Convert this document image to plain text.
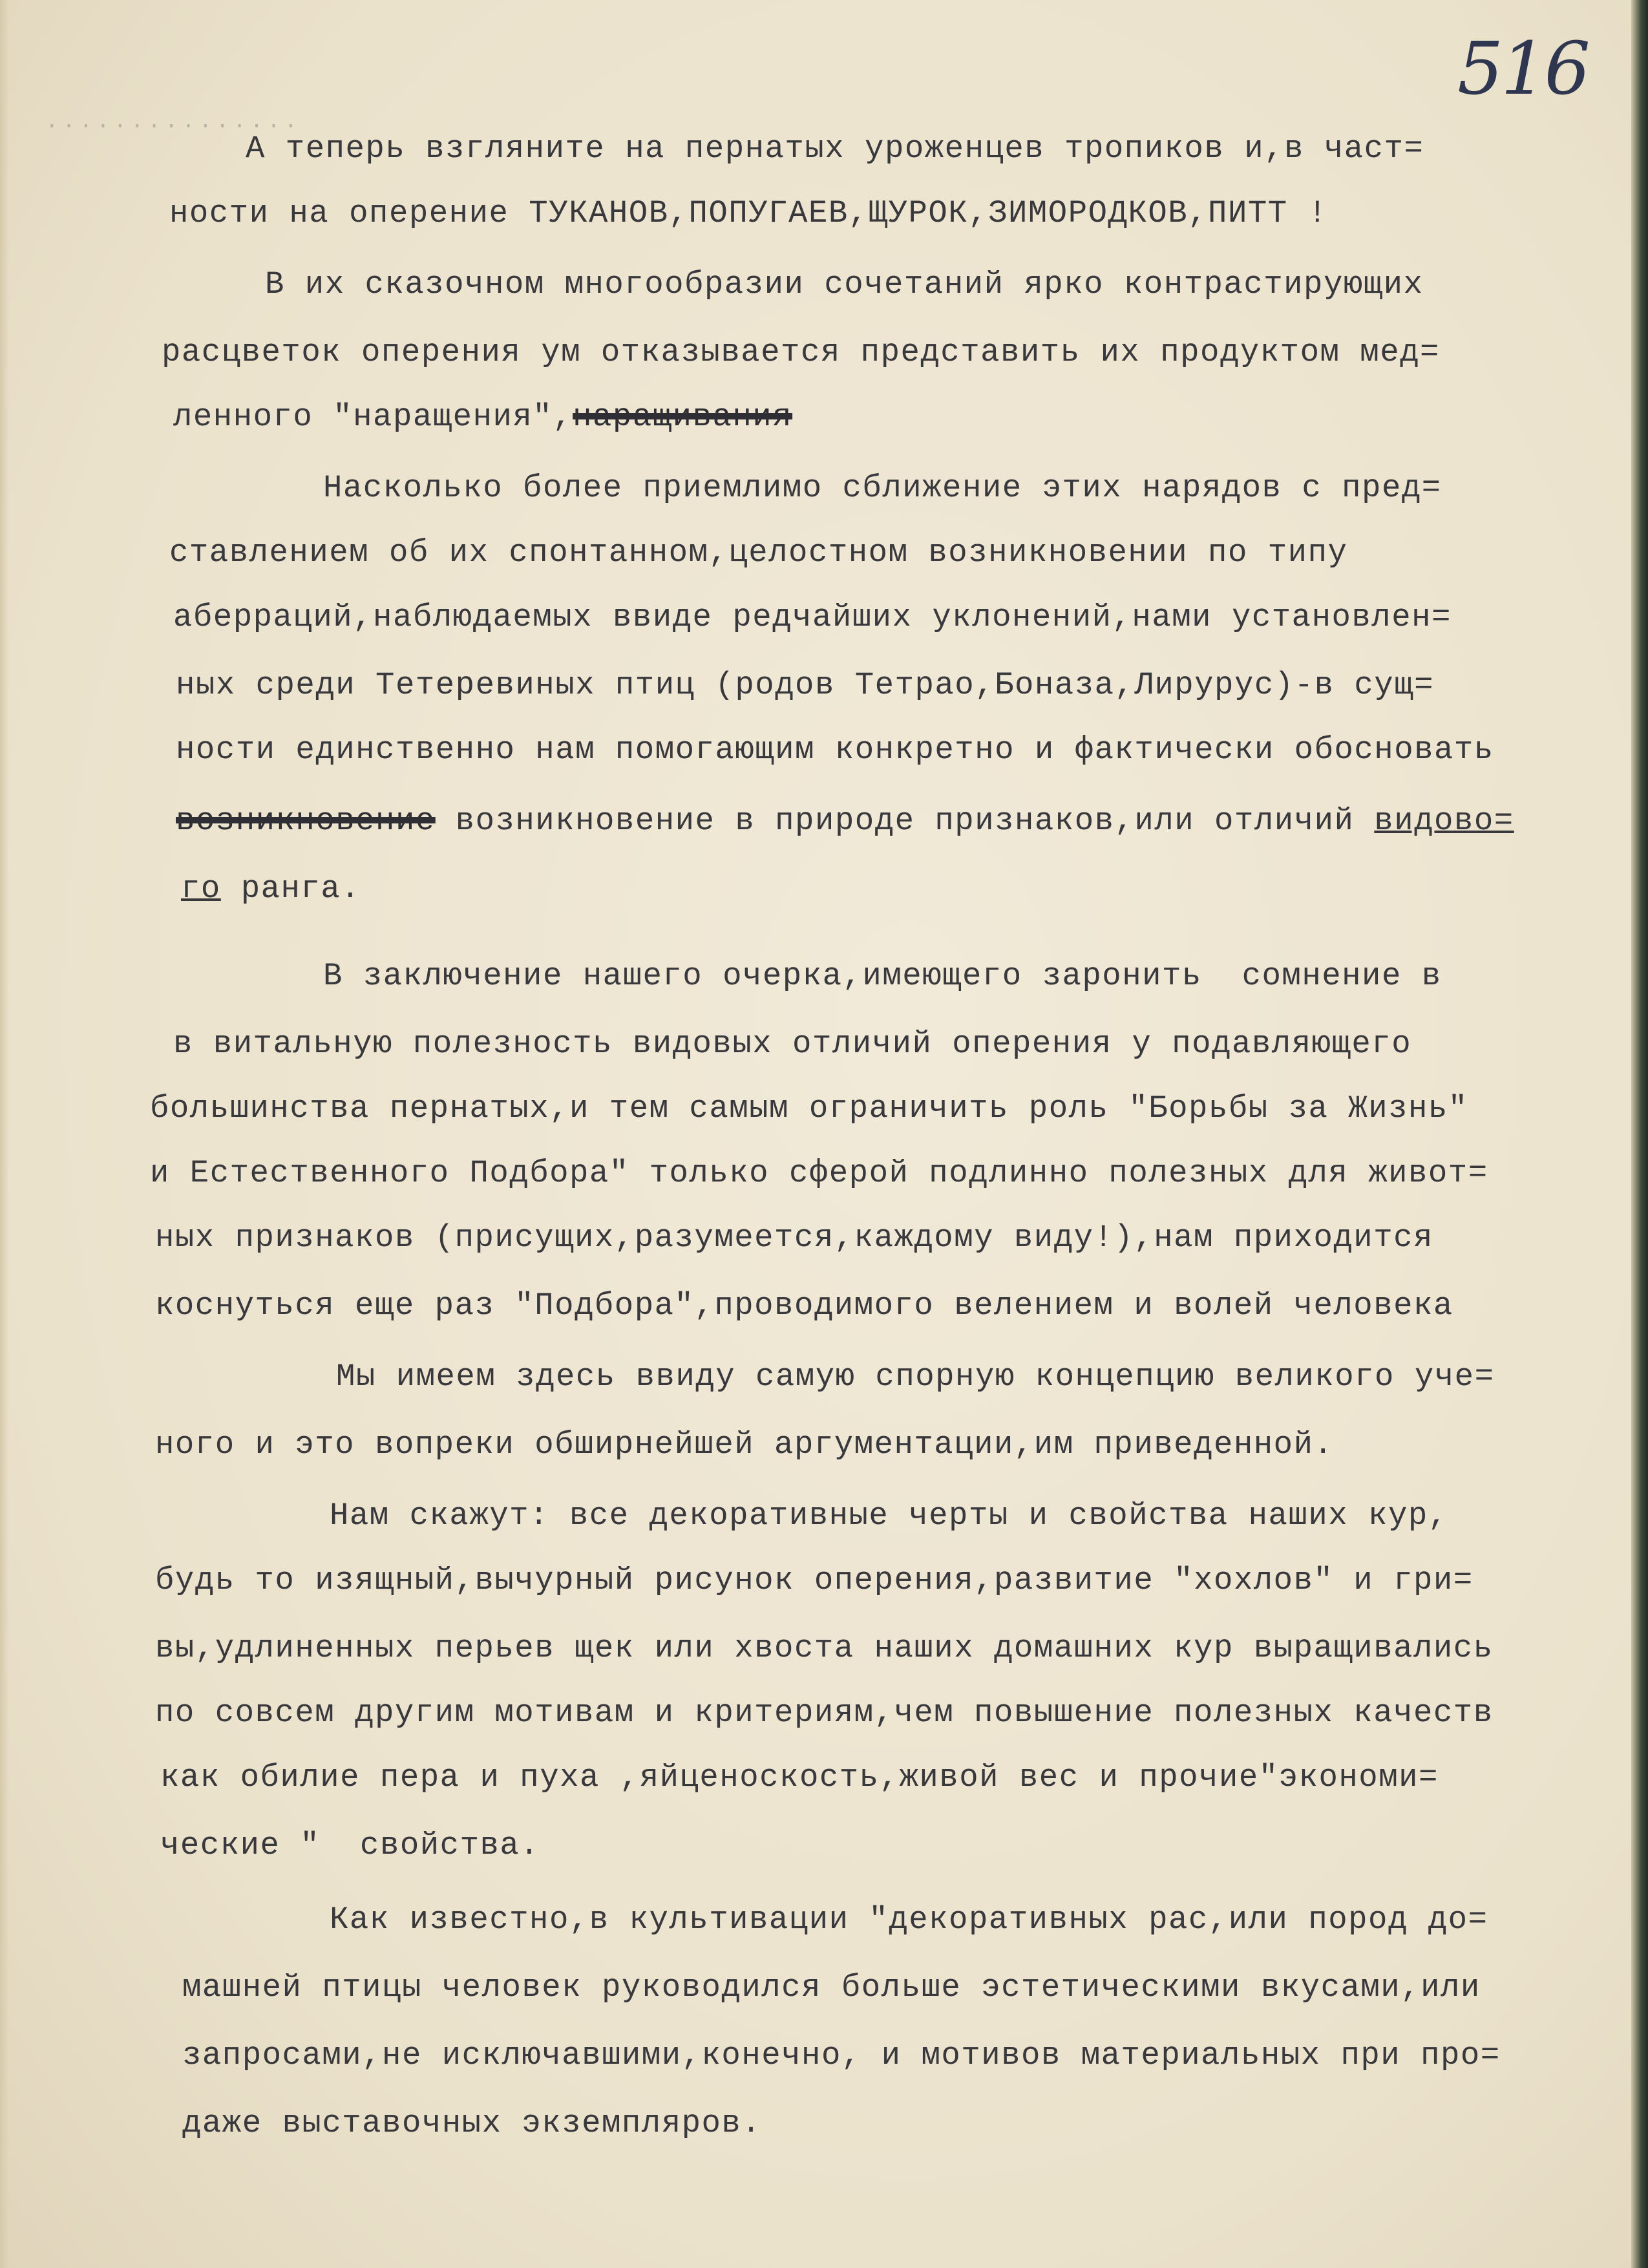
...............

516

А теперь взгляните на пернатых уроженцев тропиков и,в част=

ности на оперение ТУКАНОВ,ПОПУГАЕВ,ЩУРОК,ЗИМОРОДКОВ,ПИТТ !

В их сказочном многообразии сочетаний ярко контрастирующих

расцветок оперения ум отказывается представить их продуктом мед=

ленного "наращения",наращивания

Насколько более приемлимо сближение этих нарядов с пред=

ставлением об их спонтанном,целостном возникновении по типу

аберраций,наблюдаемых ввиде редчайших уклонений,нами установлен=

ных среди Тетеревиных птиц (родов Тетрао,Боназа,Лирурус)-в сущ=

ности единственно нам помогающим конкретно и фактически обосновать

возникновение возникновение в природе признаков,или отличий видово=

го ранга.

В заключение нашего очерка,имеющего заронить  сомнение в

в витальную полезность видовых отличий оперения у подавляющего

большинства пернатых,и тем самым ограничить роль "Борьбы за Жизнь"

и Естественного Подбора" только сферой подлинно полезных для живот=

ных признаков (присущих,разумеется,каждому виду!),нам приходится

коснуться еще раз "Подбора",проводимого велением и волей человека

Мы имеем здесь ввиду самую спорную концепцию великого уче=

ного и это вопреки обширнейшей аргументации,им приведенной.

Нам скажут: все декоративные черты и свойства наших кур,

будь то изящный,вычурный рисунок оперения,развитие "хохлов" и гри=

вы,удлиненных перьев щек или хвоста наших домашних кур выращивались

по совсем другим мотивам и критериям,чем повышение полезных качеств

как обилие пера и пуха ,яйценоскость,живой вес и прочие"экономи=

ческие "  свойства.

Как известно,в культивации "декоративных рас,или пород до=

машней птицы человек руководился больше эстетическими вкусами,или

запросами,не исключавшими,конечно, и мотивов материальных при про=

даже выставочных экземпляров.
